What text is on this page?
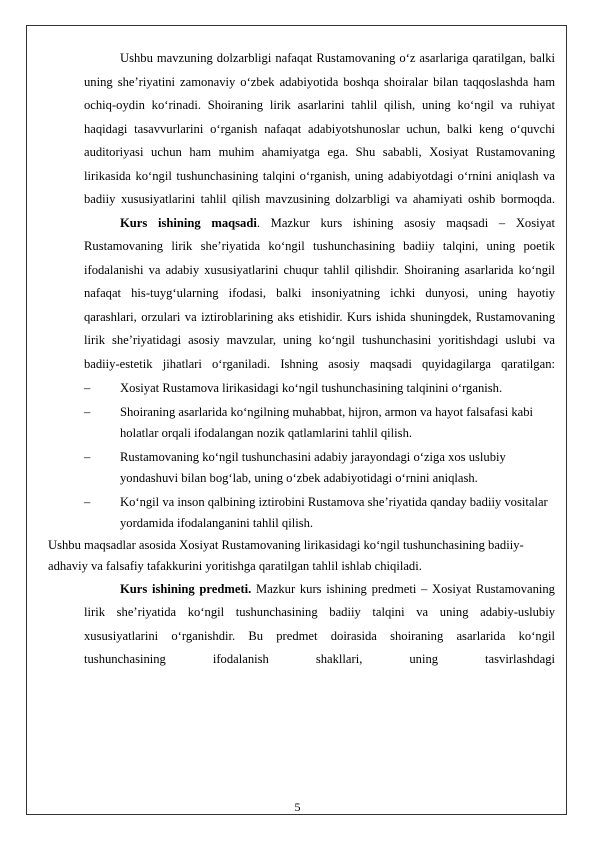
Ushbu mavzuning dolzarbligi nafaqat Rustamovaning o‘z asarlariga qaratilgan, balki uning she’riyatini zamonaviy o‘zbek adabiyotida boshqa shoiralar bilan taqqoslashda ham ochiq-oydin ko‘rinadi. Shoiraning lirik asarlarini tahlil qilish, uning ko‘ngil va ruhiyat haqidagi tasavvurlarini o‘rganish nafaqat adabiyotshunoslar uchun, balki keng o‘quvchi auditoriyasi uchun ham muhim ahamiyatga ega. Shu sababli, Xosiyat Rustamovaning lirikasida ko‘ngil tushunchasining talqini o‘rganish, uning adabiyotdagi o‘rnini aniqlash va badiiy xususiyatlarini tahlil qilish mavzusining dolzarbligi va ahamiyati oshib bormoqda.

Kurs ishining maqsadi. Mazkur kurs ishining asosiy maqsadi – Xosiyat Rustamovaning lirik she’riyatida ko‘ngil tushunchasining badiiy talqini, uning poetik ifodalanishi va adabiy xususiyatlarini chuqur tahlil qilishdir. Shoiraning asarlarida ko‘ngil nafaqat his-tuyg‘ularning ifodasi, balki insoniyatning ichki dunyosi, uning hayotiy qarashlari, orzulari va iztiroblarining aks etishidir. Kurs ishida shuningdek, Rustamovaning lirik she’riyatidagi asosiy mavzular, uning ko‘ngil tushunchasini yoritishdagi uslubi va badiiy-estetik jihatlari o‘rganiladi. Ishning asosiy maqsadi quyidagilarga qaratilgan:

–	Xosiyat Rustamova lirikasidagi ko‘ngil tushunchasining talqinini o‘rganish.
–	Shoiraning asarlarida ko‘ngilning muhabbat, hijron, armon va hayot falsafasi kabi holatlar orqali ifodalangan nozik qatlamlarini tahlil qilish.
–	Rustamovaning ko‘ngil tushunchasini adabiy jarayondagi o‘ziga xos uslubiy yondashuvi bilan bog‘lab, uning o‘zbek adabiyotidagi o‘rnini aniqlash.
–	Ko‘ngil va inson qalbining iztirobini Rustamova she’riyatida qanday badiiy vositalar yordamida ifodalanganini tahlil qilish.

Ushbu maqsadlar asosida Xosiyat Rustamovaning lirikasidagi ko‘ngil tushunchasining badiiy-adhaviy va falsafiy tafakkurini yoritishga qaratilgan tahlil ishlab chiqiladi.

Kurs ishining predmeti. Mazkur kurs ishining predmeti – Xosiyat Rustamovaning lirik she’riyatida ko‘ngil tushunchasining badiiy talqini va uning adabiy-uslubiy xususiyatlarini o‘rganishdir. Bu predmet doirasida shoiraning asarlarida ko‘ngil tushunchasining ifodalanish shakllari, uning tasvirlashdagi

5
